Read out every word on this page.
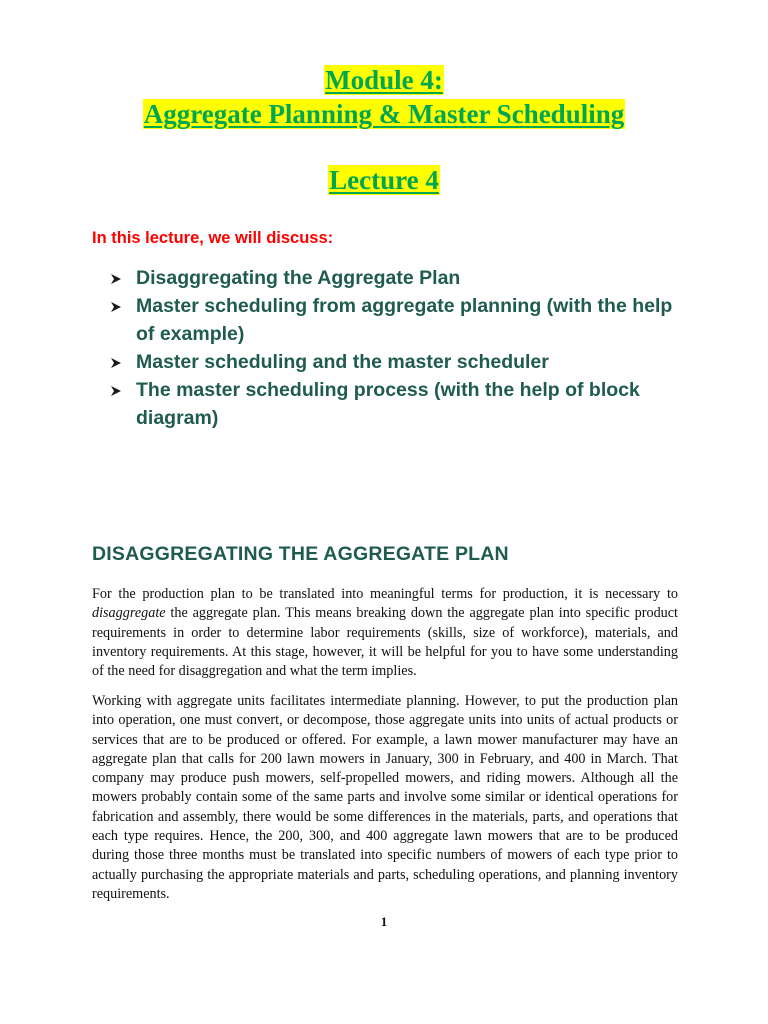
Module 4:
Aggregate Planning & Master Scheduling
Lecture 4
In this lecture, we will discuss:
Disaggregating the Aggregate Plan
Master scheduling from aggregate planning (with the help of example)
Master scheduling and the master scheduler
The master scheduling process (with the help of block diagram)
DISAGGREGATING THE AGGREGATE PLAN

For the production plan to be translated into meaningful terms for production, it is necessary to disaggregate the aggregate plan. This means breaking down the aggregate plan into specific product requirements in order to determine labor requirements (skills, size of workforce), materials, and inventory requirements. At this stage, however, it will be helpful for you to have some understanding of the need for disaggregation and what the term implies.

Working with aggregate units facilitates intermediate planning. However, to put the production plan into operation, one must convert, or decompose, those aggregate units into units of actual products or services that are to be produced or offered. For example, a lawn mower manufacturer may have an aggregate plan that calls for 200 lawn mowers in January, 300 in February, and 400 in March. That company may produce push mowers, self-propelled mowers, and riding mowers. Although all the mowers probably contain some of the same parts and involve some similar or identical operations for fabrication and assembly, there would be some differences in the materials, parts, and operations that each type requires. Hence, the 200, 300, and 400 aggregate lawn mowers that are to be produced during those three months must be translated into specific numbers of mowers of each type prior to actually purchasing the appropriate materials and parts, scheduling operations, and planning inventory requirements.

1
